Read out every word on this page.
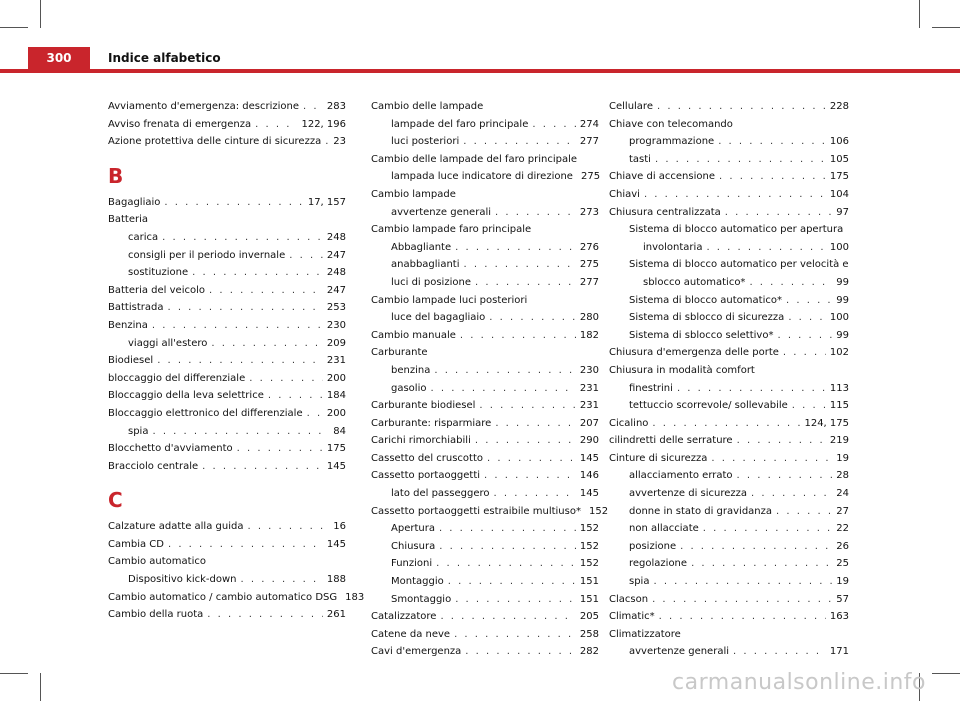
300	Indice alfabetico
Avviamento d'emergenza: descrizione . . .	283
Avviso frenata di emergenza . . .	122, 196
Azione protettiva delle cinture di sicurezza . . . 23
B
Bagagliaio . . .	17, 157
Batteria
carica . . .	248
consigli per il periodo invernale . . .	247
sostituzione . . .	248
Batteria del veicolo . . .	247
Battistrada . . .	253
Benzina . . .	230
viaggi all'estero . . .	209
Biodiesel . . .	231
bloccaggio del differenziale . . .	200
Bloccaggio della leva selettrice . . .	184
Bloccaggio elettronico del differenziale . . . 200
spia . . .	84
Blocchetto d'avviamento . . .	175
Bracciolo centrale . . .	145
C
Calzature adatte alla guida . . .	16
Cambia CD . . .	145
Cambio automatico
Dispositivo kick-down . . .	188
Cambio automatico / cambio automatico DSG 183
Cambio della ruota . . .	261
Cambio delle lampade
lampade del faro principale . . .	274
luci posteriori . . .	277
Cambio delle lampade del faro principale
lampada luce indicatore di direzione 275
Cambio lampade
avvertenze generali . . .	273
Cambio lampade faro principale
Abbagliante . . .	276
anabbaglianti . . .	275
luci di posizione . . .	277
Cambio lampade luci posteriori
luce del bagagliaio . . .	280
Cambio manuale . . .	182
Carburante
benzina . . .	230
gasolio . . .	231
Carburante biodiesel . . .	231
Carburante: risparmiare . . .	207
Carichi rimorchiabili . . .	290
Cassetto del cruscotto . . .	145
Cassetto portaoggetti . . .	146
lato del passeggero . . .	145
Cassetto portaoggetti estraibile multiuso* 152
Apertura . . .	152
Chiusura . . .	152
Funzioni . . .	152
Montaggio . . .	151
Smontaggio . . .	151
Catalizzatore . . .	205
Catene da neve . . .	258
Cavi d'emergenza . . .	282
Cellulare . . .	228
Chiave con telecomando
programmazione . . .	106
tasti . . .	105
Chiave di accensione . . .	175
Chiavi . . .	104
Chiusura centralizzata . . .	97
Sistema di blocco automatico per apertura
involontaria . . .	100
Sistema di blocco automatico per velocità e
sblocco automatico* . . .	99
Sistema di blocco automatico* . . .	99
Sistema di sblocco di sicurezza . . .	100
Sistema di sblocco selettivo* . . .	99
Chiusura d'emergenza delle porte . . .	102
Chiusura in modalità comfort
finestrini . . .	113
tettuccio scorrevole/ sollevabile . . .	115
Cicalino . . .	124, 175
cilindretti delle serrature . . .	219
Cinture di sicurezza . . .	19
allacciamento errato . . .	28
avvertenze di sicurezza . . .	24
donne in stato di gravidanza . . .	27
non allacciate . . .	22
posizione . . .	26
regolazione . . .	25
spia . . .	19
Clacson . . .	57
Climatic* . . .	163
Climatizzatore
avvertenze generali . . .	171
carmanualsonline.info
